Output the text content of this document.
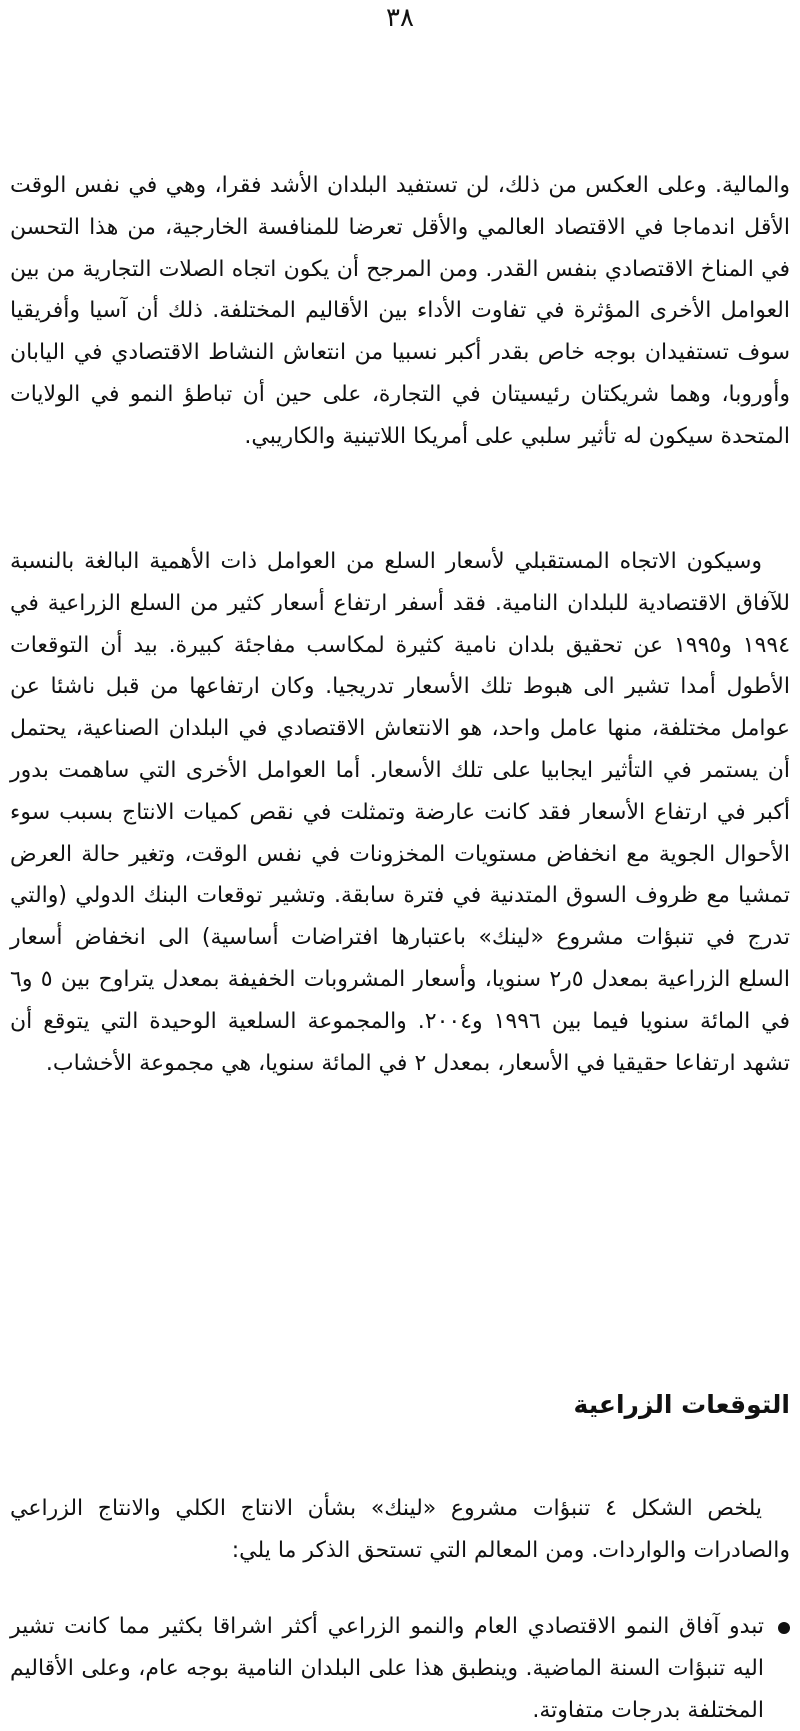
٣٨

والمالية. وعلى العكس من ذلك، لن تستفيد البلدان الأشد فقرا، وهي في نفس الوقت الأقل اندماجا في الاقتصاد العالمي والأقل تعرضا للمنافسة الخارجية، من هذا التحسن في المناخ الاقتصادي بنفس القدر. ومن المرجح أن يكون اتجاه الصلات التجارية من بين العوامل الأخرى المؤثرة في تفاوت الأداء بين الأقاليم المختلفة. ذلك أن آسيا وأفريقيا سوف تستفيدان بوجه خاص بقدر أكبر نسبيا من انتعاش النشاط الاقتصادي في اليابان وأوروبا، وهما شريكتان رئيسيتان في التجارة، على حين أن تباطؤ النمو في الولايات المتحدة سيكون له تأثير سلبي على أمريكا اللاتينية والكاريبي.

وسيكون الاتجاه المستقبلي لأسعار السلع من العوامل ذات الأهمية البالغة بالنسبة للآفاق الاقتصادية للبلدان النامية. فقد أسفر ارتفاع أسعار كثير من السلع الزراعية في ١٩٩٤ و١٩٩٥ عن تحقيق بلدان نامية كثيرة لمكاسب مفاجئة كبيرة. بيد أن التوقعات الأطول أمدا تشير الى هبوط تلك الأسعار تدريجيا. وكان ارتفاعها من قبل ناشئا عن عوامل مختلفة، منها عامل واحد، هو الانتعاش الاقتصادي في البلدان الصناعية، يحتمل أن يستمر في التأثير ايجابيا على تلك الأسعار. أما العوامل الأخرى التي ساهمت بدور أكبر في ارتفاع الأسعار فقد كانت عارضة وتمثلت في نقص كميات الانتاج بسبب سوء الأحوال الجوية مع انخفاض مستويات المخزونات في نفس الوقت، وتغير حالة العرض تمشيا مع ظروف السوق المتدنية في فترة سابقة. وتشير توقعات البنك الدولي (والتي تدرج في تنبؤات مشروع «لينك» باعتبارها افتراضات أساسية) الى انخفاض أسعار السلع الزراعية بمعدل ٥ر٢ سنويا، وأسعار المشروبات الخفيفة بمعدل يتراوح بين ٥ و٦ في المائة سنويا فيما بين ١٩٩٦ و٢٠٠٤. والمجموعة السلعية الوحيدة التي يتوقع أن تشهد ارتفاعا حقيقيا في الأسعار، بمعدل ٢ في المائة سنويا، هي مجموعة الأخشاب.

التوقعات الزراعية

يلخص الشكل ٤ تنبؤات مشروع «لينك» بشأن الانتاج الكلي والانتاج الزراعي والصادرات والواردات. ومن المعالم التي تستحق الذكر ما يلي:

تبدو آفاق النمو الاقتصادي العام والنمو الزراعي أكثر اشراقا بكثير مما كانت تشير اليه تنبؤات السنة الماضية. وينطبق هذا على البلدان النامية بوجه عام، وعلى الأقاليم المختلفة بدرجات متفاوتة.
